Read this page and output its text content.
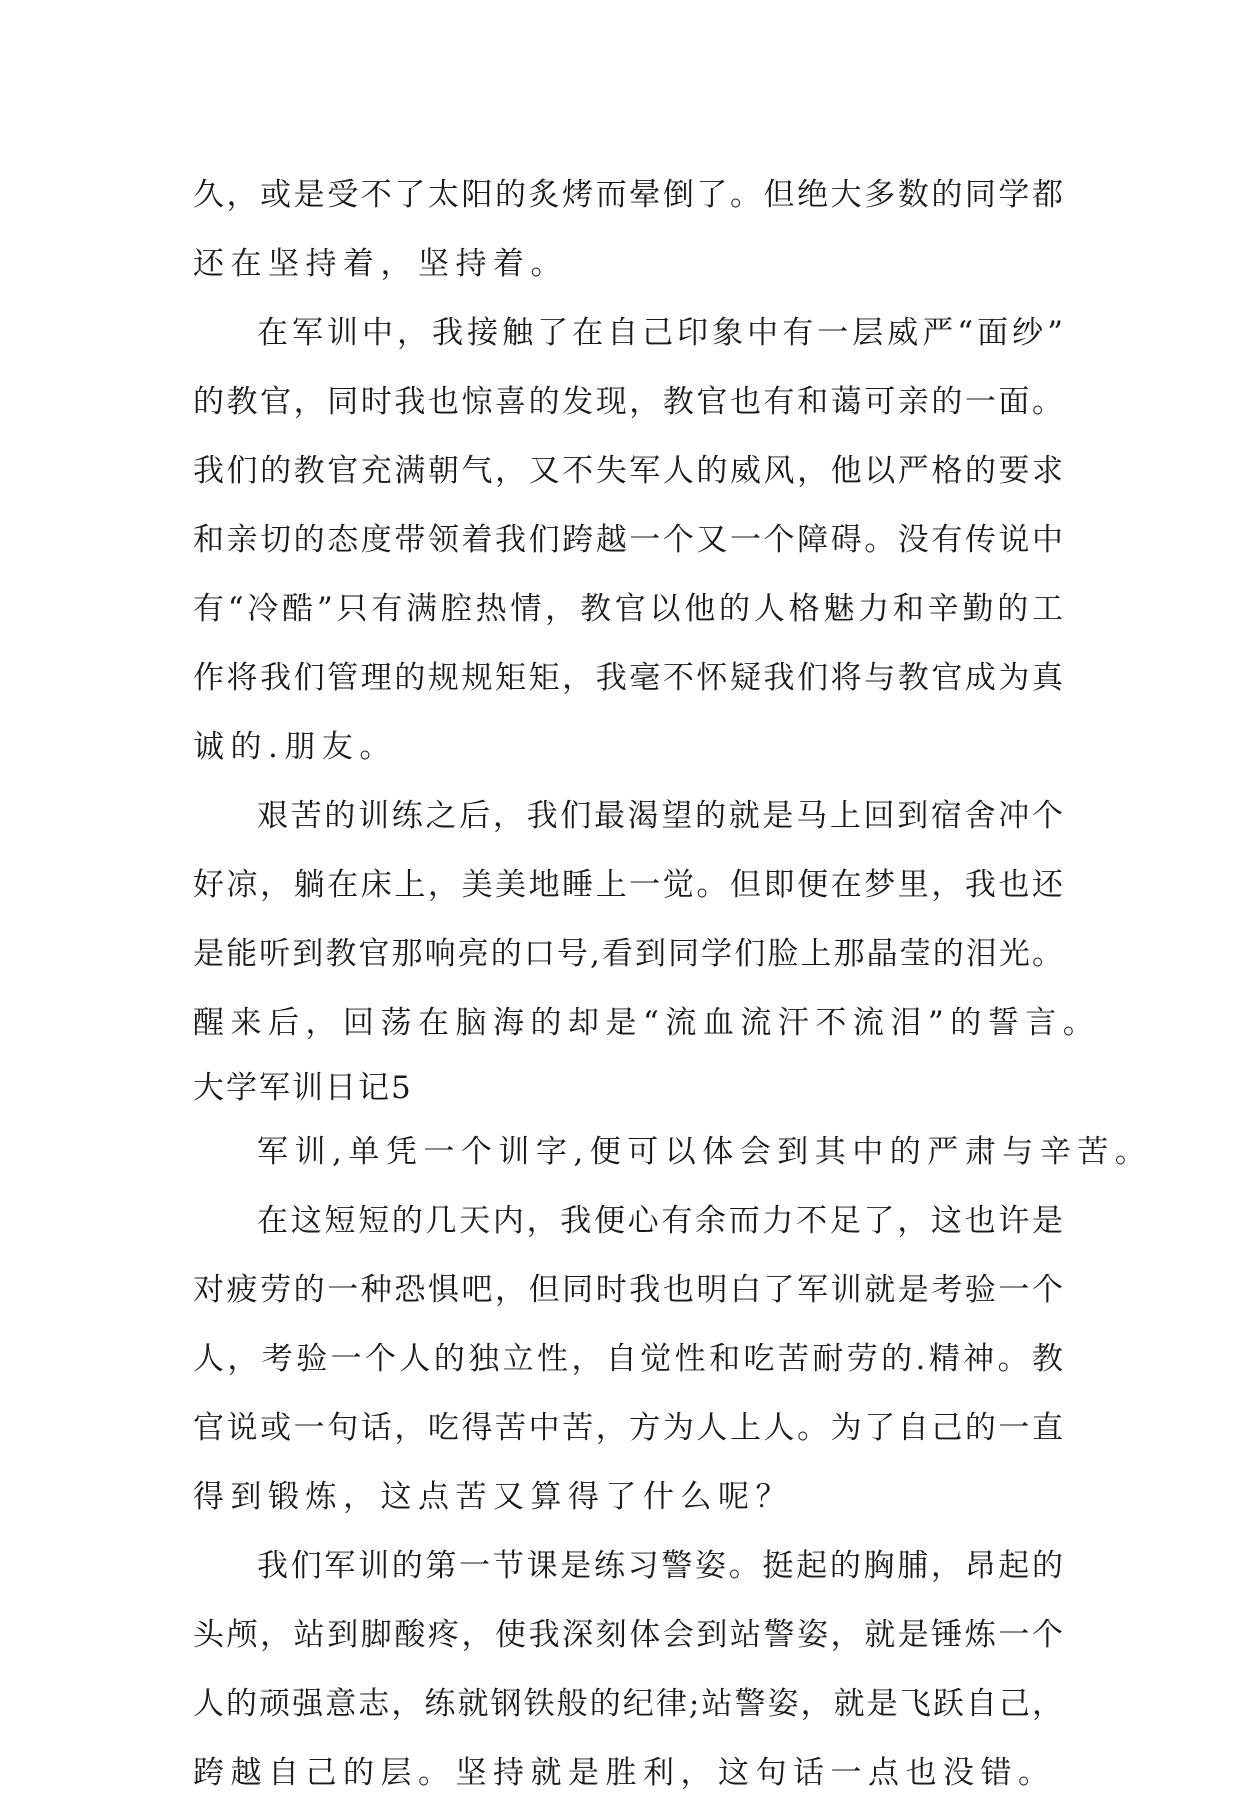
久，或是受不了太阳的炙烤而晕倒了。但绝大多数的同学都
还在坚持着，坚持着。
在军训中，我接触了在自己印象中有一层威严“面纱”
的教官，同时我也惊喜的发现，教官也有和蔼可亲的一面。
我们的教官充满朝气，又不失军人的威风，他以严格的要求
和亲切的态度带领着我们跨越一个又一个障碍。没有传说中
有“冷酷”只有满腔热情，教官以他的人格魅力和辛勤的工
作将我们管理的规规矩矩，我毫不怀疑我们将与教官成为真
诚的.朋友。
艰苦的训练之后，我们最渴望的就是马上回到宿舍冲个
好凉，躺在床上，美美地睡上一觉。但即便在梦里，我也还
是能听到教官那响亮的口号,看到同学们脸上那晶莹的泪光。
醒来后，回荡在脑海的却是“流血流汗不流泪”的誓言。
大学军训日记5
军训,单凭一个训字,便可以体会到其中的严肃与辛苦。
在这短短的几天内，我便心有余而力不足了，这也许是
对疲劳的一种恐惧吧，但同时我也明白了军训就是考验一个
人，考验一个人的独立性，自觉性和吃苦耐劳的.精神。教
官说或一句话，吃得苦中苦，方为人上人。为了自己的一直
得到锻炼，这点苦又算得了什么呢？
我们军训的第一节课是练习警姿。挺起的胸脯，昂起的
头颅，站到脚酸疼，使我深刻体会到站警姿，就是锤炼一个
人的顽强意志，练就钢铁般的纪律;站警姿，就是飞跃自己，
跨越自己的层。坚持就是胜利，这句话一点也没错。
